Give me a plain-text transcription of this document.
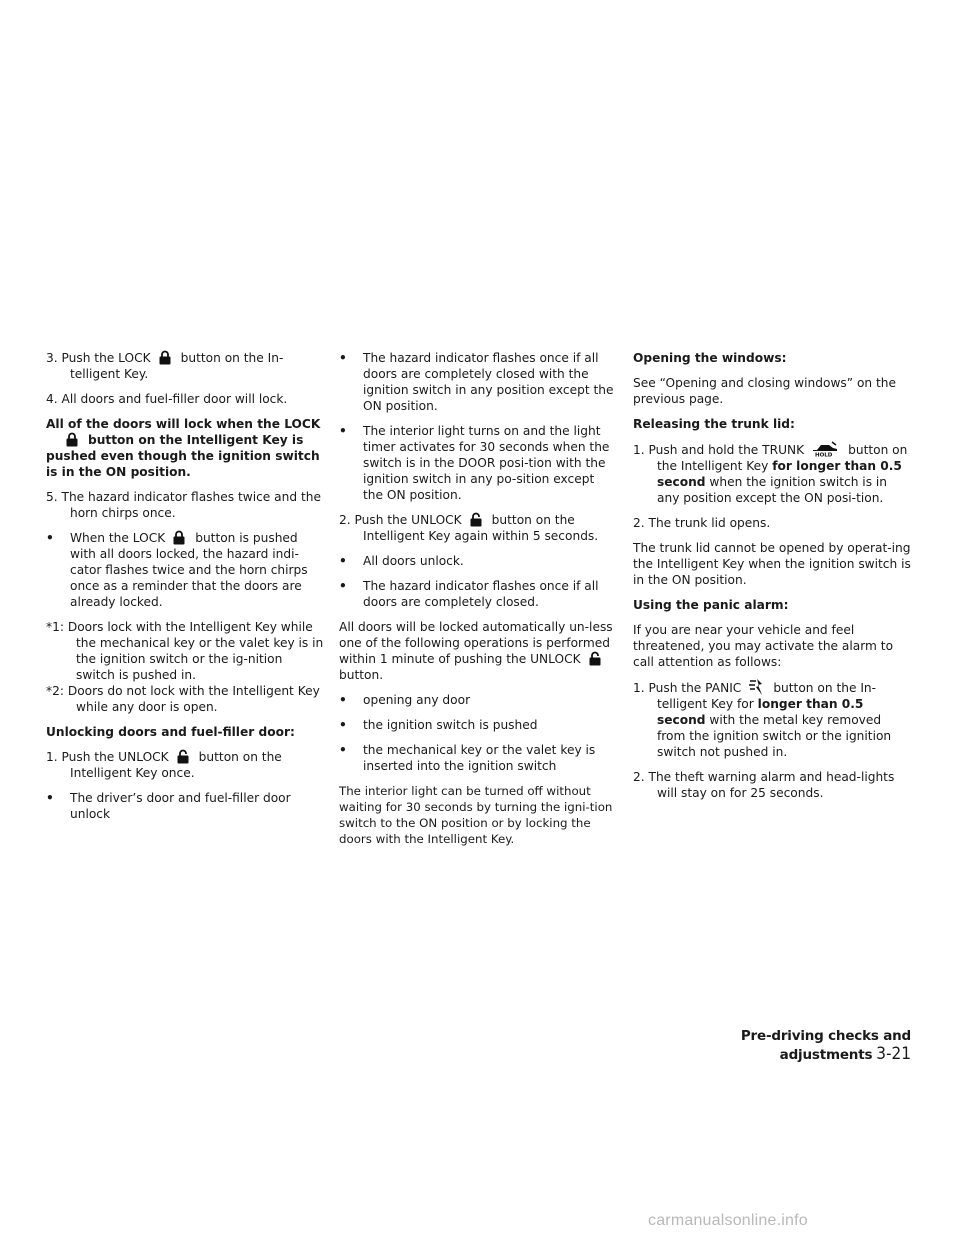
3. Push the LOCK button on the In-telligent Key.

4. All doors and fuel-filler door will lock.

All of the doors will lock when the LOCK

button on the Intelligent Key is pushed even though the ignition switch is in the ON position.

5. The hazard indicator flashes twice and the horn chirps once.

• When the LOCK button is pushed with all doors locked, the hazard indi-cator flashes twice and the horn chirps once as a reminder that the doors are already locked.

*1: Doors lock with the Intelligent Key while the mechanical key or the valet key is in the ignition switch or the ig-nition switch is pushed in.

*2: Doors do not lock with the Intelligent Key while any door is open.

Unlocking doors and fuel-filler door:

1. Push the UNLOCK button on the Intelligent Key once.

• The driver’s door and fuel-filler door unlock

• The hazard indicator flashes once if all doors are completely closed with the ignition switch in any position except the ON position.

• The interior light turns on and the light timer activates for 30 seconds when the switch is in the DOOR posi-tion with the ignition switch in any po-sition except the ON position.

2. Push the UNLOCK button on the Intelligent Key again within 5 seconds.

• All doors unlock.

• The hazard indicator flashes once if all doors are completely closed.

All doors will be locked automatically un-less one of the following operations is performed within 1 minute of pushing the UNLOCK
button.

• opening any door

• the ignition switch is pushed

• the mechanical key or the valet key is inserted into the ignition switch

The interior light can be turned off without waiting for 30 seconds by turning the igni-tion switch to the ON position or by locking the doors with the Intelligent Key.

Opening the windows:

See “Opening and closing windows” on the previous page.

Releasing the trunk lid:

1. Push and hold the TRUNK HOLD button on the Intelligent Key for longer than 0.5 second when the ignition switch is in any position except the ON posi-tion.

2. The trunk lid opens.

The trunk lid cannot be opened by operat-ing the Intelligent Key when the ignition switch is in the ON position.

Using the panic alarm:

If you are near your vehicle and feel threatened, you may activate the alarm to call attention as follows:

1. Push the PANIC	button on the In-telligent Key for longer than 0.5 second with the metal key removed from the ignition switch or the ignition switch not pushed in.

2. The theft warning alarm and head-lights will stay on for 25 seconds.

Pre-driving checks and adjustments 3-21
carmanualsonline.info
